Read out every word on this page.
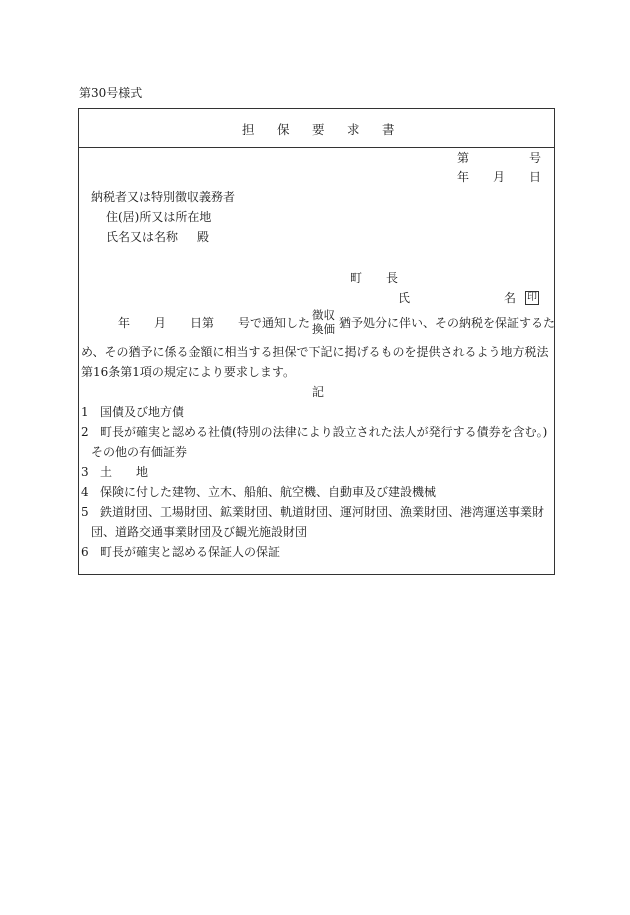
第30号様式
担 保 要 求 書
第	号
年 月 日
納税者又は特別徴収義務者
住(居)所又は所在地
氏名又は名称 殿
町　　長
氏	名 印
年　　月　　日第　　号で通知した
徴収
換価 猶予処分に伴い、その納税を保証するた
め、その猶予に係る金額に相当する担保で下記に掲げるものを提供されるよう地方税法
第16条第1項の規定により要求します。
記
1 国債及び地方債
2 町長が確実と認める社債(特別の法律により設立された法人が発行する債券を含む。)
その他の有価証券
3 土　　地
4 保険に付した建物、立木、船舶、航空機、自動車及び建設機械
5 鉄道財団、工場財団、鉱業財団、軌道財団、運河財団、漁業財団、港湾運送事業財
団、道路交通事業財団及び観光施設財団
6 町長が確実と認める保証人の保証
